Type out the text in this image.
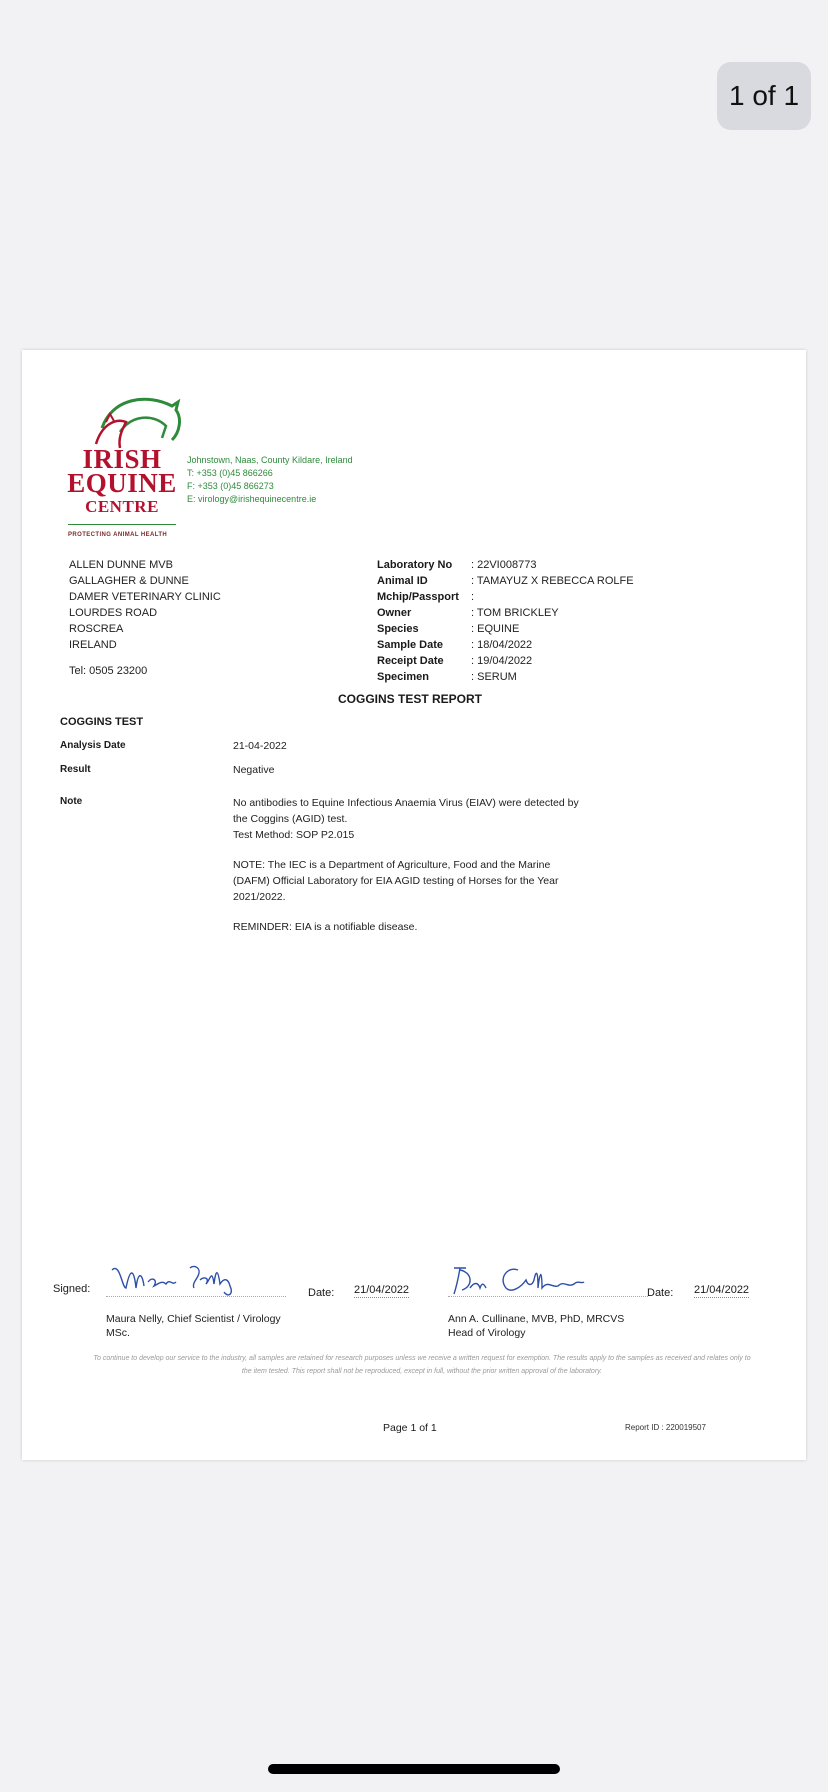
1 of 1
IRISH
EQUINE
CENTRE
PROTECTING ANIMAL HEALTH
Johnstown, Naas, County Kildare, Ireland
T: +353 (0)45 866266
F: +353 (0)45 866273
E: virology@irishequinecentre.ie
ALLEN DUNNE MVB
GALLAGHER & DUNNE
DAMER VETERINARY CLINIC
LOURDES ROAD
ROSCREA
IRELAND
Tel: 0505 23200
Laboratory No	: 22VI008773
Animal ID	: TAMAYUZ X REBECCA ROLFE
Mchip/Passport	:
Owner	: TOM BRICKLEY
Species	: EQUINE
Sample Date	: 18/04/2022
Receipt Date	: 19/04/2022
Specimen	: SERUM
COGGINS TEST REPORT
COGGINS TEST
Analysis Date	21-04-2022
Result	Negative
Note	No antibodies to Equine Infectious Anaemia Virus (EIAV) were detected by
the Coggins (AGID) test.
Test Method: SOP P2.015

NOTE: The IEC is a Department of Agriculture, Food and the Marine
(DAFM) Official Laboratory for EIA AGID testing of Horses for the Year
2021/2022.

REMINDER: EIA is a notifiable disease.

Signed:	Date: 21/04/2022
Maura Nelly, Chief Scientist / Virology
MSc.
Date: 21/04/2022
Ann A. Cullinane, MVB, PhD, MRCVS
Head of Virology
To continue to develop our service to the industry, all samples are retained for research purposes unless we receive a written request for exemption. The results apply to the samples as received and relates only to the item tested. This report shall not be reproduced, except in full, without the prior written approval of the laboratory.
Page 1 of 1	Report ID : 220019507
